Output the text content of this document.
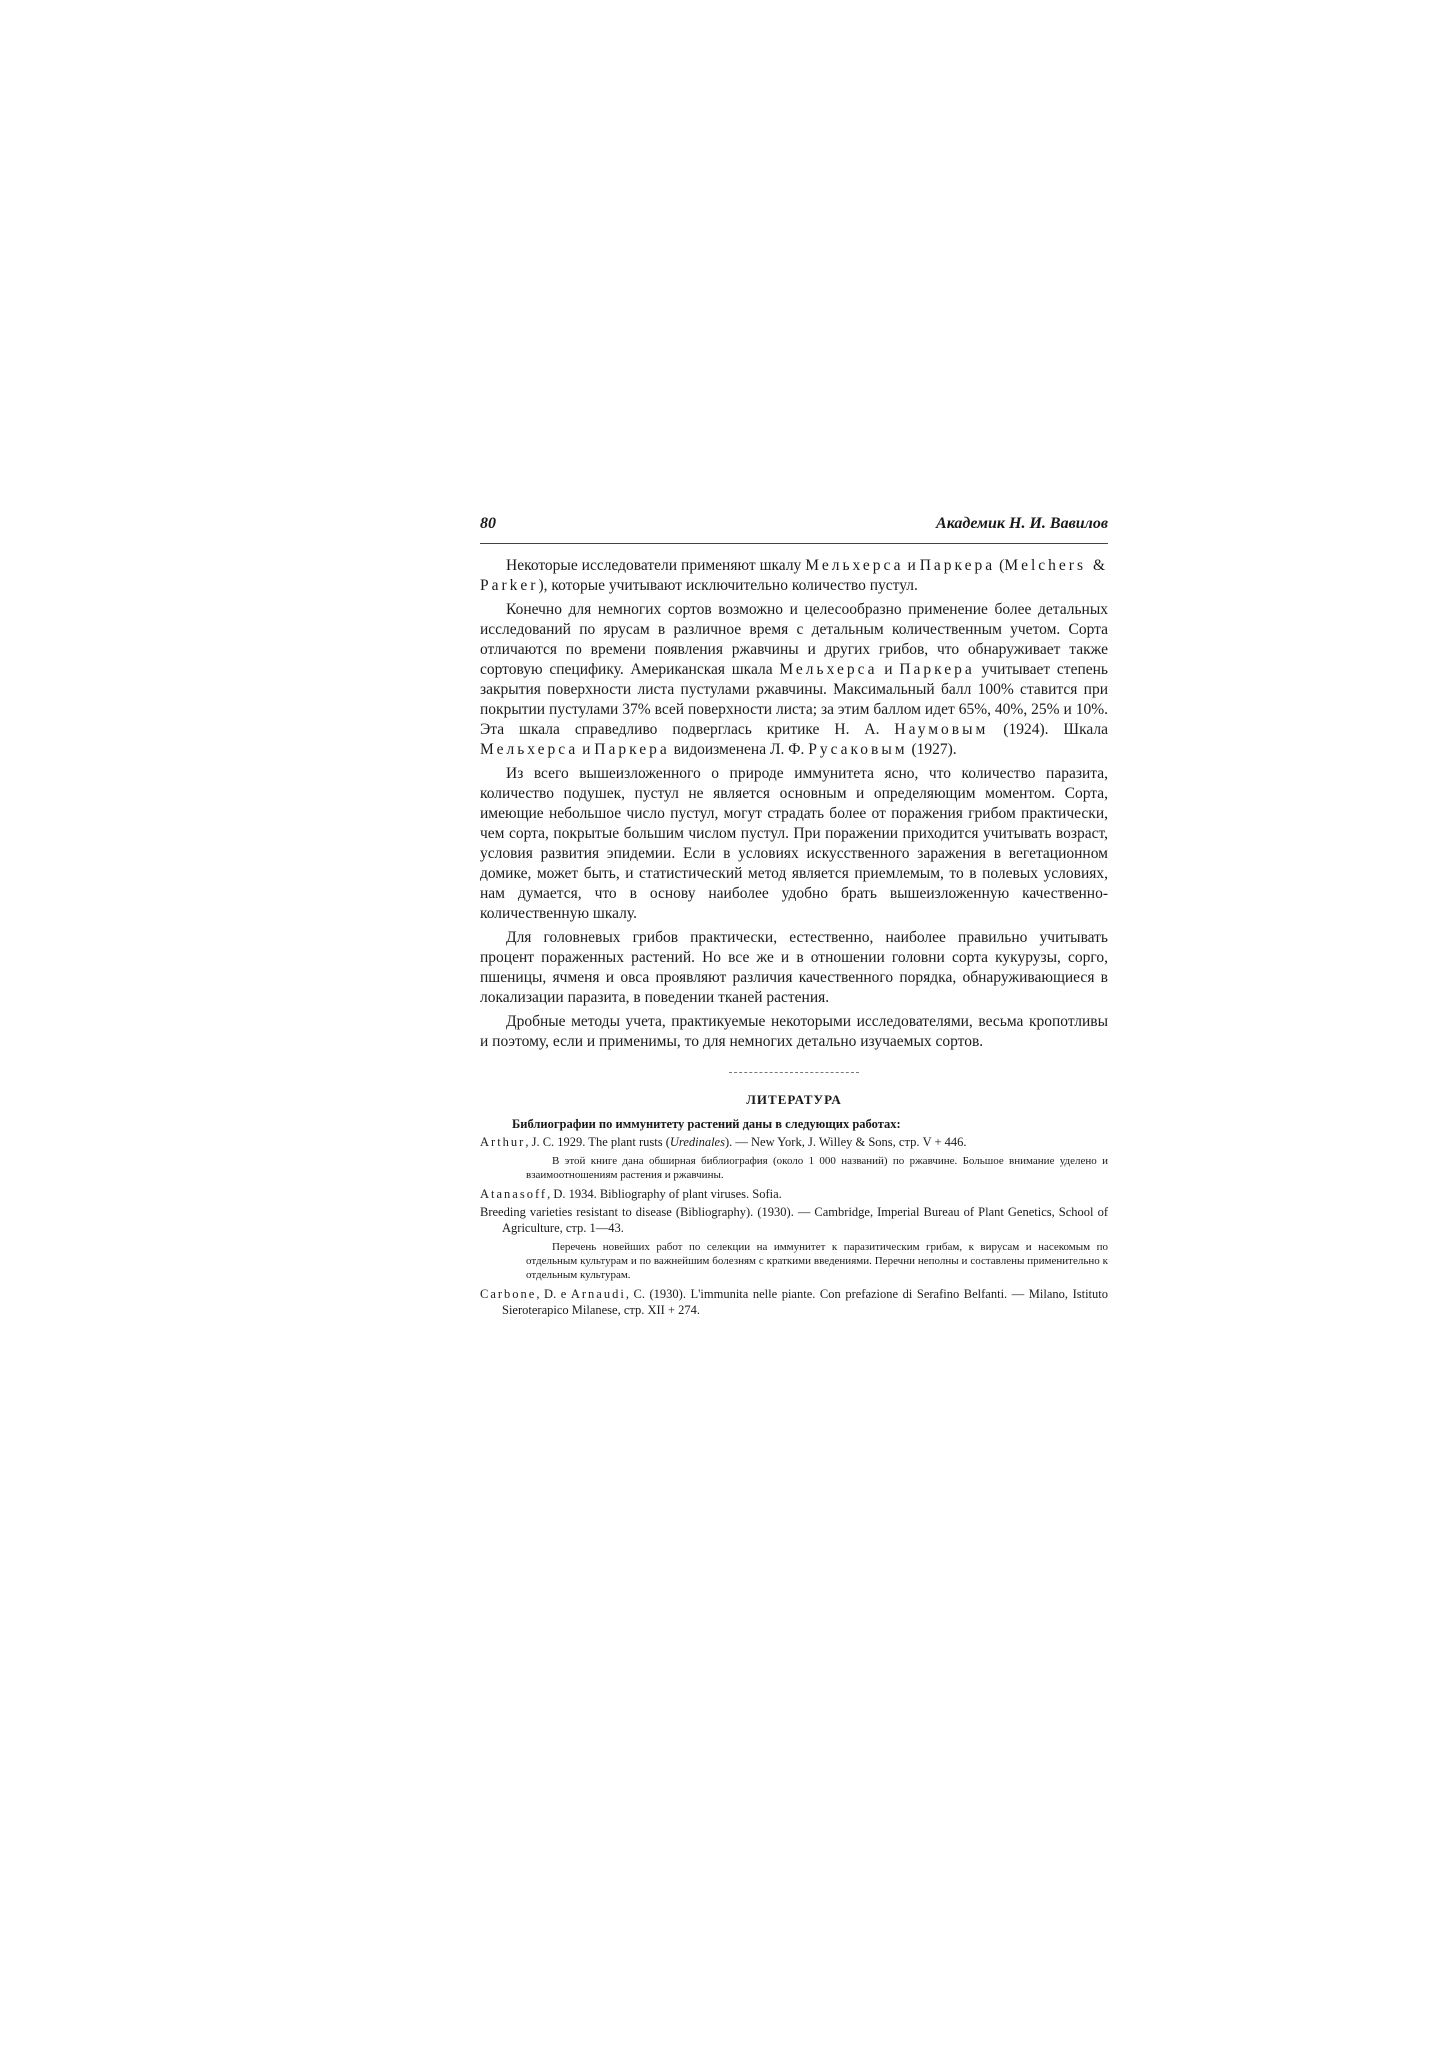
80	Академик Н. И. Вавилов

Некоторые исследователи применяют шкалу Мельхерса и Паркера (Melchers & Parker), которые учитывают исключительно количество пустул.

Конечно для немногих сортов возможно и целесообразно применение более детальных исследований по ярусам в различное время с детальным количественным учетом. Сорта отличаются по времени появления ржавчины и других грибов, что обнаруживает также сортовую специфику. Американская шкала Мельхерса и Паркера учитывает степень закрытия поверхности листа пустулами ржавчины. Максимальный балл 100% ставится при покрытии пустулами 37% всей поверхности листа; за этим баллом идет 65%, 40%, 25% и 10%. Эта шкала справедливо подверглась критике Н. А. Наумовым (1924). Шкала Мельхерса и Паркера видоизменена Л. Ф. Русаковым (1927).

Из всего вышеизложенного о природе иммунитета ясно, что количество паразита, количество подушек, пустул не является основным и определяющим моментом. Сорта, имеющие небольшое число пустул, могут страдать более от поражения грибом практически, чем сорта, покрытые большим числом пустул. При поражении приходится учитывать возраст, условия развития эпидемии. Если в условиях искусственного заражения в вегетационном домике, может быть, и статистический метод является приемлемым, то в полевых условиях, нам думается, что в основу наиболее удобно брать вышеизложенную качественно-количественную шкалу.

Для головневых грибов практически, естественно, наиболее правильно учитывать процент пораженных растений. Но все же и в отношении головни сорта кукурузы, сорго, пшеницы, ячменя и овса проявляют различия качественного порядка, обнаруживающиеся в локализации паразита, в поведении тканей растения.

Дробные методы учета, практикуемые некоторыми исследователями, весьма кропотливы и поэтому, если и применимы, то для немногих детально изучаемых сортов.

ЛИТЕРАТУРА

Библиографии по иммунитету растений даны в следующих работах:

Arthur, J. C. 1929. The plant rusts (Uredinales). — New York, J. Willey & Sons, стр. V + 446.

В этой книге дана обширная библиография (около 1 000 названий) по ржавчине. Большое внимание уделено и взаимоотношениям растения и ржавчины.

Atanasoff, D. 1934. Bibliography of plant viruses. Sofia.

Breeding varieties resistant to disease (Bibliography). (1930). — Cambridge, Imperial Bureau of Plant Genetics, School of Agriculture, стр. 1—43.

Перечень новейших работ по селекции на иммунитет к паразитическим грибам, к вирусам и насекомым по отдельным культурам и по важнейшим болезням с краткими введениями. Перечни неполны и составлены применительно к отдельным культурам.

Carbone, D. e Arnaudi, C. (1930). L'immunita nelle piante. Con prefazione di Serafino Belfanti. — Milano, Istituto Sieroterapico Milanese, стр. XII + 274.
